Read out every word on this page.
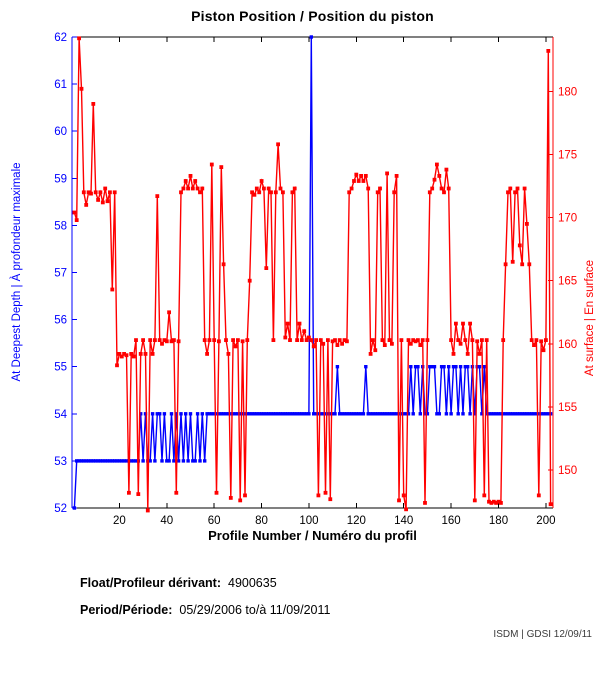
Piston Position / Position du piston
20	40	60	80	100 120 140 160 180 200
52
53
54
55
56
57
58
59
60
61
62
150
155
160
165
170
175
180
At Deepest Depth | À profondeur maximale	At surface | En surface
Profile Number / Numéro du profil
Float/Profileur dérivant: 4900635
Period/Période: 05/29/2006 to/à 11/09/2011
ISDM | GDSI 12/09/11
